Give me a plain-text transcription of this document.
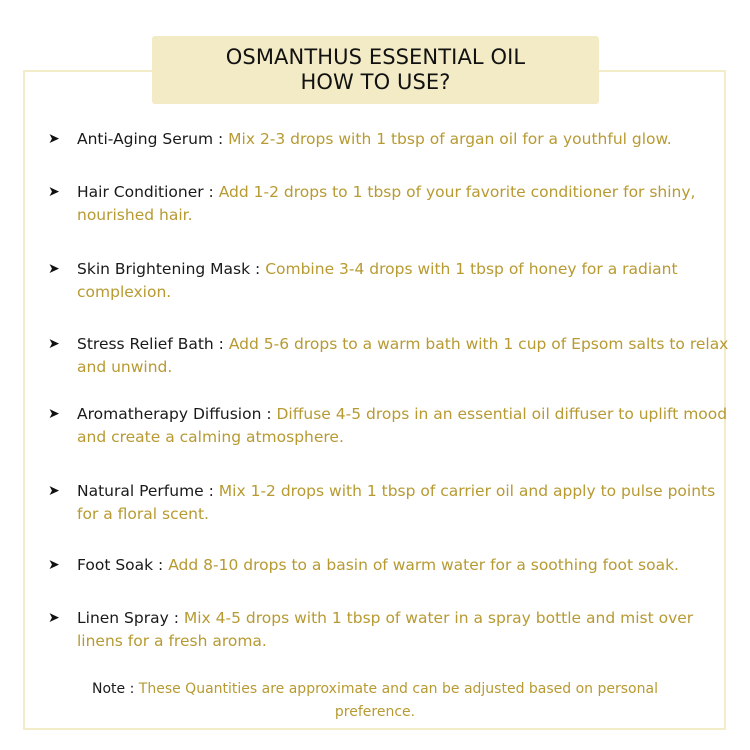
OSMANTHUS ESSENTIAL OIL
HOW TO USE?
➤ Anti-Aging Serum : Mix 2-3 drops with 1 tbsp of argan oil for a youthful glow.
➤ Hair Conditioner : Add 1-2 drops to 1 tbsp of your favorite conditioner for shiny, nourished hair.
➤ Skin Brightening Mask : Combine 3-4 drops with 1 tbsp of honey for a radiant complexion.
➤ Stress Relief Bath : Add 5-6 drops to a warm bath with 1 cup of Epsom salts to relax and unwind.
➤ Aromatherapy Diffusion : Diffuse 4-5 drops in an essential oil diffuser to uplift mood and create a calming atmosphere.
➤ Natural Perfume : Mix 1-2 drops with 1 tbsp of carrier oil and apply to pulse points for a floral scent.
➤ Foot Soak : Add 8-10 drops to a basin of warm water for a soothing foot soak.
➤ Linen Spray : Mix 4-5 drops with 1 tbsp of water in a spray bottle and mist over linens for a fresh aroma.
Note : These Quantities are approximate and can be adjusted based on personal preference.
